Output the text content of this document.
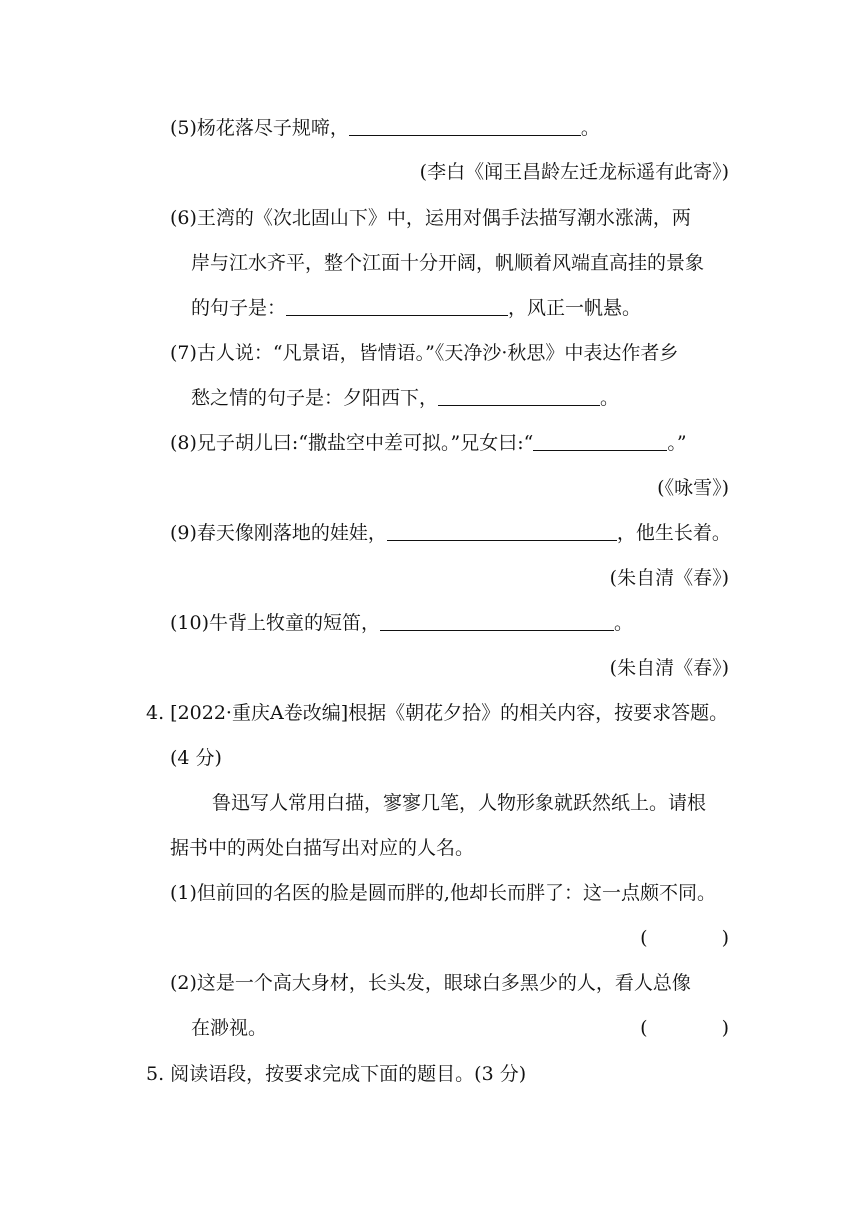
(5)杨花落尽子规啼，	。
(李白《闻王昌龄左迁龙标遥有此寄》)
(6)王湾的《次北固山下》中，运用对偶手法描写潮水涨满，两
岸与江水齐平，整个江面十分开阔，帆顺着风端直高挂的景象
的句子是：	，风正一帆悬。
(7)古人说：“凡景语，皆情语。”《天净沙·秋思》中表达作者乡
愁之情的句子是：夕阳西下，	。
(8)兄子胡儿曰:“撒盐空中差可拟。”兄女曰:“	。”
(《咏雪》)
(9)春天像刚落地的娃娃，	，他生长着。
(朱自清《春》)
(10)牛背上牧童的短笛，	。
(朱自清《春》)
4. [2022·重庆A卷改编]根据《朝花夕拾》的相关内容，按要求答题。
(4 分)
鲁迅写人常用白描，寥寥几笔，人物形象就跃然纸上。请根
据书中的两处白描写出对应的人名。
(1)但前回的名医的脸是圆而胖的,他却长而胖了：这一点颇不同。
(	)
(2)这是一个高大身材，长头发，眼球白多黑少的人，看人总像
在渺视。	(	)
5. 阅读语段，按要求完成下面的题目。(3 分)
